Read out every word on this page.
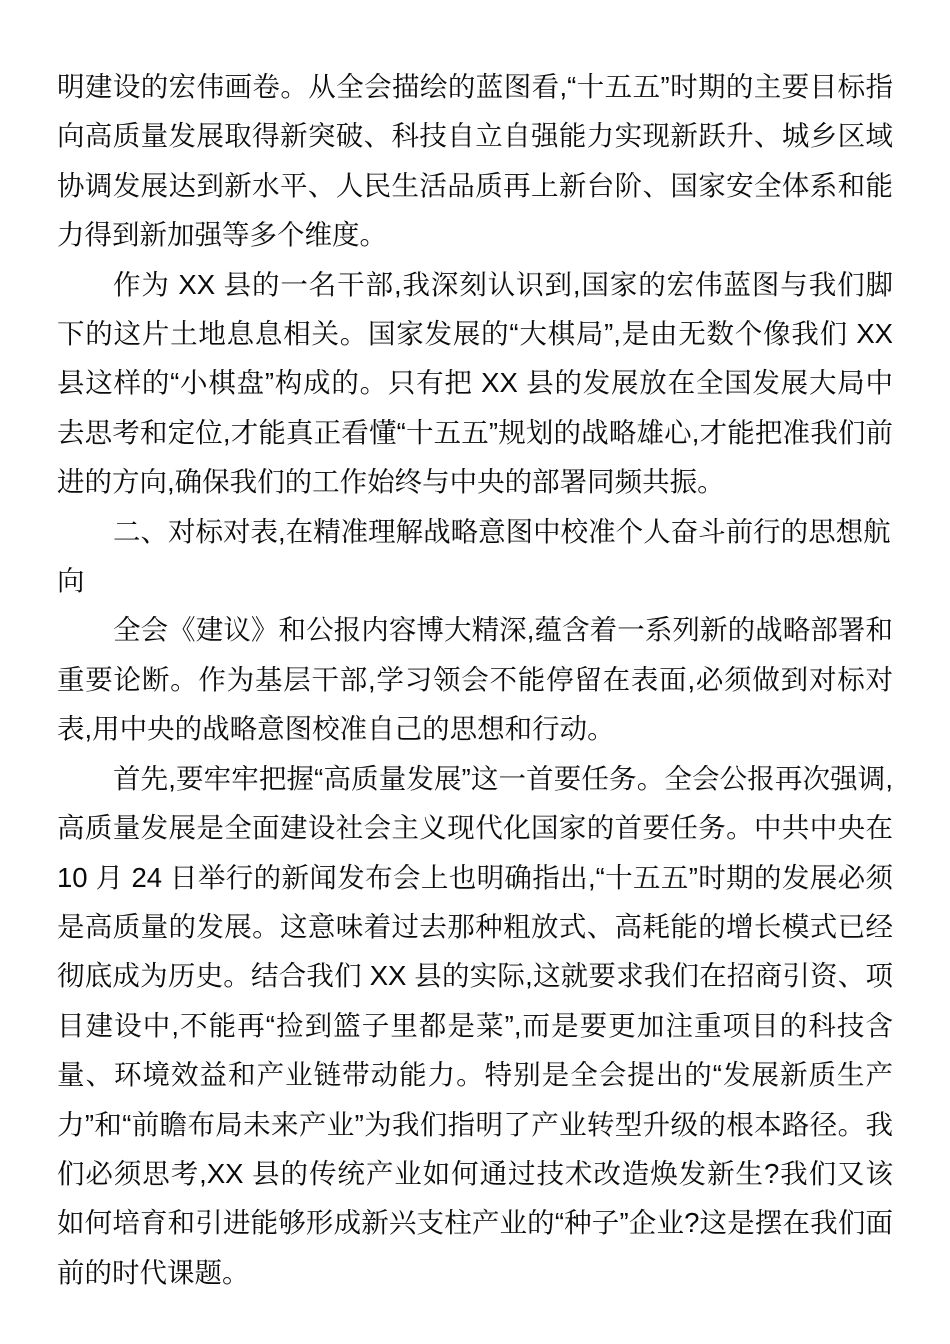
明建设的宏伟画卷。从全会描绘的蓝图看,“十五五”时期的主要目标指向高质量发展取得新突破、科技自立自强能力实现新跃升、城乡区域协调发展达到新水平、人民生活品质再上新台阶、国家安全体系和能力得到新加强等多个维度。

作为 XX 县的一名干部,我深刻认识到,国家的宏伟蓝图与我们脚下的这片土地息息相关。国家发展的“大棋局”,是由无数个像我们 XX 县这样的“小棋盘”构成的。只有把 XX 县的发展放在全国发展大局中去思考和定位,才能真正看懂“十五五”规划的战略雄心,才能把准我们前进的方向,确保我们的工作始终与中央的部署同频共振。

二、对标对表,在精准理解战略意图中校准个人奋斗前行的思想航向

全会《建议》和公报内容博大精深,蕴含着一系列新的战略部署和重要论断。作为基层干部,学习领会不能停留在表面,必须做到对标对表,用中央的战略意图校准自己的思想和行动。

首先,要牢牢把握“高质量发展”这一首要任务。全会公报再次强调,高质量发展是全面建设社会主义现代化国家的首要任务。中共中央在 10 月 24 日举行的新闻发布会上也明确指出,“十五五”时期的发展必须是高质量的发展。这意味着过去那种粗放式、高耗能的增长模式已经彻底成为历史。结合我们 XX 县的实际,这就要求我们在招商引资、项目建设中,不能再“捡到篮子里都是菜”,而是要更加注重项目的科技含量、环境效益和产业链带动能力。特别是全会提出的“发展新质生产力”和“前瞻布局未来产业”为我们指明了产业转型升级的根本路径。我们必须思考,XX 县的传统产业如何通过技术改造焕发新生?我们又该如何培育和引进能够形成新兴支柱产业的“种子”企业?这是摆在我们面前的时代课题。
